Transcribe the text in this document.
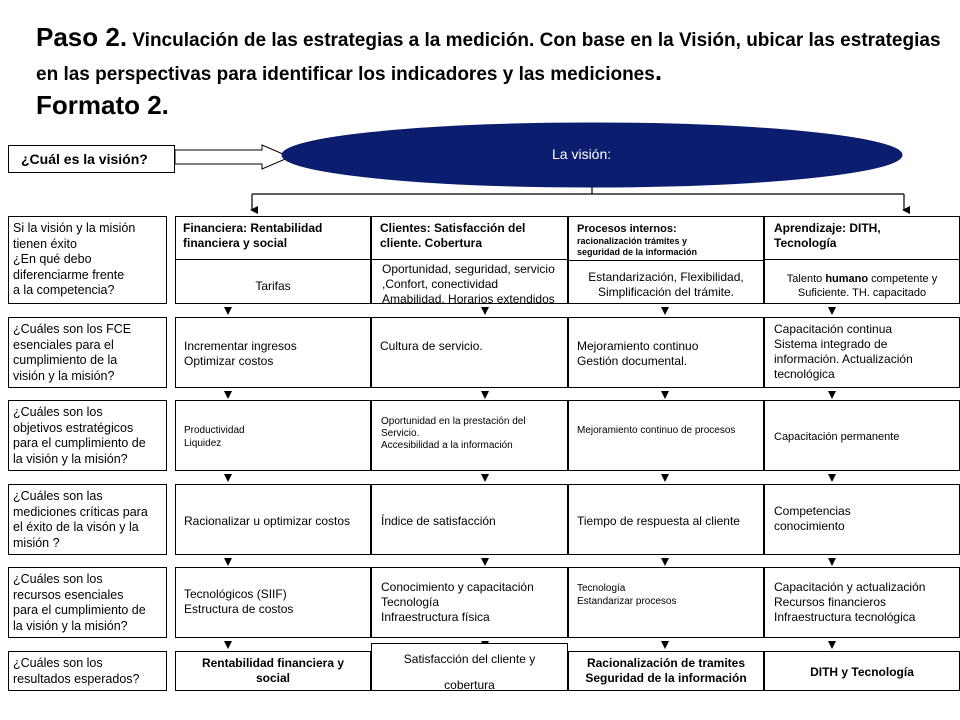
Paso 2. Vinculación de las estrategias a la medición. Con base en la Visión, ubicar las estrategias en las perspectivas para identificar los indicadores y las mediciones.
Formato 2.
¿Cuál es la visión?	La visión:
Si la visión y la misión
tienen éxito
¿En qué debo
diferenciarme frente
a la competencia?
¿Cuáles son los FCE
esenciales para el
cumplimiento de la
visión y la misión?
¿Cuáles son los
objetivos estratégicos
para el cumplimiento de
la visión y la misión?
¿Cuáles son las
mediciones críticas para
el éxito de la visón y la
misión ?
¿Cuáles son los
recursos esenciales
para el cumplimiento de
la visión y la misión?
¿Cuáles son los
resultados esperados?
Financiera: Rentabilidad
financiera y social
Tarifas
Incrementar ingresos
Optimizar costos
Productividad
Liquidez
Racionalizar u optimizar costos
Tecnológicos (SIIF)
Estructura de costos
Rentabilidad financiera y
social
Clientes: Satisfacción del
cliente. Cobertura
Oportunidad, seguridad, servicio
,Confort, conectividad
Amabilidad. Horarios extendidos
Cultura de servicio.
Oportunidad en la prestación del
Servicio.
Accesibilidad a la información
Índice de satisfacción
Conocimiento y capacitación
Tecnología
Infraestructura física
Satisfacción del cliente y

cobertura
Procesos internos:
racionalización trámites y
seguridad de la información
Estandarización, Flexibilidad,
Simplificación del trámite.
Mejoramiento continuo
Gestión documental.
Mejoramiento continuo de procesos
Tiempo de respuesta al cliente
Tecnología
Estandarizar procesos
Racionalización de tramites
Seguridad de la información
Aprendizaje: DITH,
Tecnología
Talento humano competente y
Suficiente. TH. capacitado
Capacitación continua
Sistema integrado de
información. Actualización
tecnológica
Capacitación permanente
Competencias
conocimiento
Capacitación y actualización
Recursos financieros
Infraestructura tecnológica
DITH y Tecnología
